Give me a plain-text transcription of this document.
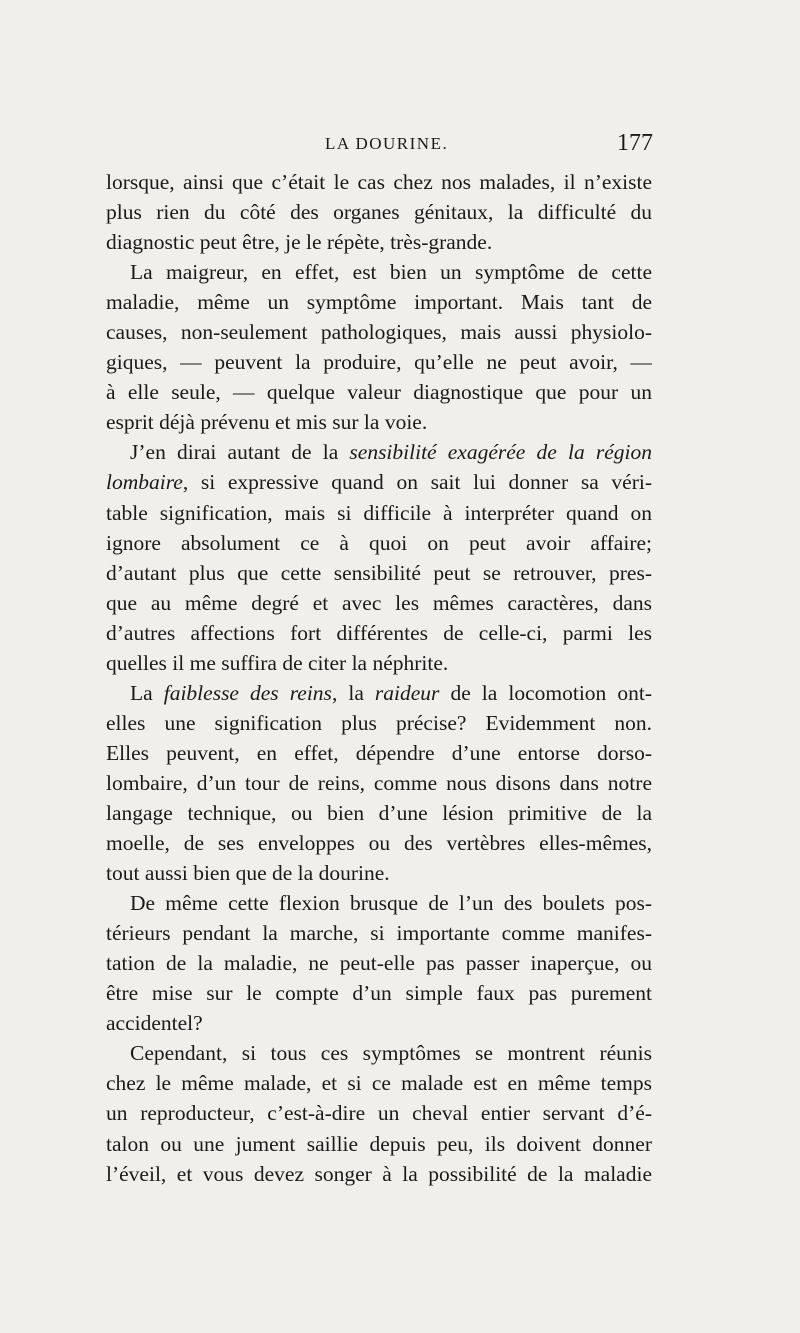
LA DOURINE.	177
lorsque, ainsi que c’était le cas chez nos malades, il n’existe
plus rien du côté des organes génitaux, la difficulté du
diagnostic peut être, je le répète, très-grande.
La maigreur, en effet, est bien un symptôme de cette
maladie, même un symptôme important. Mais tant de
causes, non-seulement pathologiques, mais aussi physiolo-
giques, — peuvent la produire, qu’elle ne peut avoir, —
à elle seule, — quelque valeur diagnostique que pour un
esprit déjà prévenu et mis sur la voie.
J’en dirai autant de la sensibilité exagérée de la région
lombaire, si expressive quand on sait lui donner sa véri-
table signification, mais si difficile à interpréter quand on
ignore absolument ce à quoi on peut avoir affaire;
d’autant plus que cette sensibilité peut se retrouver, pres-
que au même degré et avec les mêmes caractères, dans
d’autres affections fort différentes de celle-ci, parmi les
quelles il me suffira de citer la néphrite.
La faiblesse des reins, la raideur de la locomotion ont-
elles une signification plus précise? Evidemment non.
Elles peuvent, en effet, dépendre d’une entorse dorso-
lombaire, d’un tour de reins, comme nous disons dans notre
langage technique, ou bien d’une lésion primitive de la
moelle, de ses enveloppes ou des vertèbres elles-mêmes,
tout aussi bien que de la dourine.
De même cette flexion brusque de l’un des boulets pos-
térieurs pendant la marche, si importante comme manifes-
tation de la maladie, ne peut-elle pas passer inaperçue, ou
être mise sur le compte d’un simple faux pas purement
accidentel?
Cependant, si tous ces symptômes se montrent réunis
chez le même malade, et si ce malade est en même temps
un reproducteur, c’est-à-dire un cheval entier servant d’é-
talon ou une jument saillie depuis peu, ils doivent donner
l’éveil, et vous devez songer à la possibilité de la maladie
